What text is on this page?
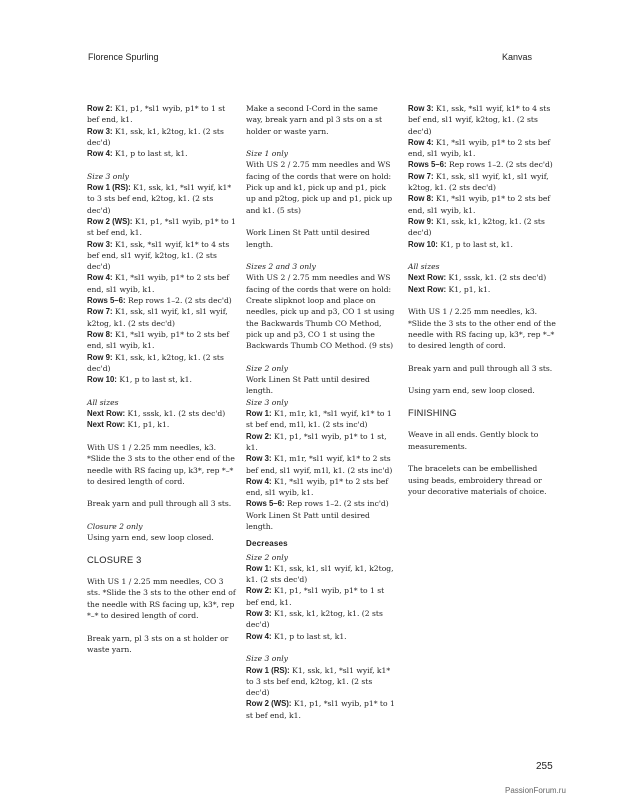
Florence Spurling	Kanvas

Row 2: K1, p1, *sl1 wyib, p1* to 1 st bef end, k1.
Row 3: K1, ssk, k1, k2tog, k1. (2 sts dec'd)
Row 4: K1, p to last st, k1.

Size 3 only

Row 1 (RS): K1, ssk, k1, *sl1 wyif, k1* to 3 sts bef end, k2tog, k1. (2 sts dec'd)
Row 2 (WS): K1, p1, *sl1 wyib, p1* to 1 st bef end, k1.
Row 3: K1, ssk, *sl1 wyif, k1* to 4 sts bef end, sl1 wyif, k2tog, k1. (2 sts dec'd)
Row 4: K1, *sl1 wyib, p1* to 2 sts bef end, sl1 wyib, k1.
Rows 5–6: Rep rows 1–2. (2 sts dec'd)
Row 7: K1, ssk, sl1 wyif, k1, sl1 wyif, k2tog, k1. (2 sts dec'd)
Row 8: K1, *sl1 wyib, p1* to 2 sts bef end, sl1 wyib, k1.
Row 9: K1, ssk, k1, k2tog, k1. (2 sts dec'd)
Row 10: K1, p to last st, k1.

All sizes

Next Row: K1, sssk, k1. (2 sts dec'd)
Next Row: K1, p1, k1.

With US 1 / 2.25 mm needles, k3. *Slide the 3 sts to the other end of the needle with RS facing up, k3*, rep *–* to desired length of cord.

Break yarn and pull through all 3 sts.

Closure 2 only

Using yarn end, sew loop closed.

CLOSURE 3

With US 1 / 2.25 mm needles, CO 3 sts. *Slide the 3 sts to the other end of the needle with RS facing up, k3*, rep *–* to desired length of cord.

Break yarn, pl 3 sts on a st holder or waste yarn.

Make a second I-Cord in the same way, break yarn and pl 3 sts on a st holder or waste yarn.

Size 1 only

With US 2 / 2.75 mm needles and WS facing of the cords that were on hold: Pick up and k1, pick up and p1, pick up and p2tog, pick up and p1, pick up and k1. (5 sts)

Work Linen St Patt until desired length.

Sizes 2 and 3 only

With US 2 / 2.75 mm needles and WS facing of the cords that were on hold: Create slipknot loop and place on needles, pick up and p3, CO 1 st using the Backwards Thumb CO Method, pick up and p3, CO 1 st using the Backwards Thumb CO Method. (9 sts)

Size 2 only

Work Linen St Patt until desired length.

Size 3 only

Row 1: K1, m1r, k1, *sl1 wyif, k1* to 1 st bef end, m1l, k1. (2 sts inc'd)
Row 2: K1, p1, *sl1 wyib, p1* to 1 st, k1.
Row 3: K1, m1r, *sl1 wyif, k1* to 2 sts bef end, sl1 wyif, m1l, k1. (2 sts inc'd)
Row 4: K1, *sl1 wyib, p1* to 2 sts bef end, sl1 wyib, k1.
Rows 5–6: Rep rows 1–2. (2 sts inc'd)

Work Linen St Patt until desired length.

Decreases

Size 2 only

Row 1: K1, ssk, k1, sl1 wyif, k1, k2tog, k1. (2 sts dec'd)
Row 2: K1, p1, *sl1 wyib, p1* to 1 st bef end, k1.
Row 3: K1, ssk, k1, k2tog, k1. (2 sts dec'd)
Row 4: K1, p to last st, k1.

Size 3 only

Row 1 (RS): K1, ssk, k1, *sl1 wyif, k1* to 3 sts bef end, k2tog, k1. (2 sts dec'd)
Row 2 (WS): K1, p1, *sl1 wyib, p1* to 1 st bef end, k1.

Row 3: K1, ssk, *sl1 wyif, k1* to 4 sts bef end, sl1 wyif, k2tog, k1. (2 sts dec'd)
Row 4: K1, *sl1 wyib, p1* to 2 sts bef end, sl1 wyib, k1.
Rows 5–6: Rep rows 1–2. (2 sts dec'd)
Row 7: K1, ssk, sl1 wyif, k1, sl1 wyif, k2tog, k1. (2 sts dec'd)
Row 8: K1, *sl1 wyib, p1* to 2 sts bef end, sl1 wyib, k1.
Row 9: K1, ssk, k1, k2tog, k1. (2 sts dec'd)
Row 10: K1, p to last st, k1.

All sizes

Next Row: K1, sssk, k1. (2 sts dec'd)
Next Row: K1, p1, k1.

With US 1 / 2.25 mm needles, k3. *Slide the 3 sts to the other end of the needle with RS facing up, k3*, rep *–* to desired length of cord.

Break yarn and pull through all 3 sts.

Using yarn end, sew loop closed.

FINISHING

Weave in all ends. Gently block to measurements.

The bracelets can be embellished using beads, embroidery thread or your decorative materials of choice.

255
PassionForum.ru
